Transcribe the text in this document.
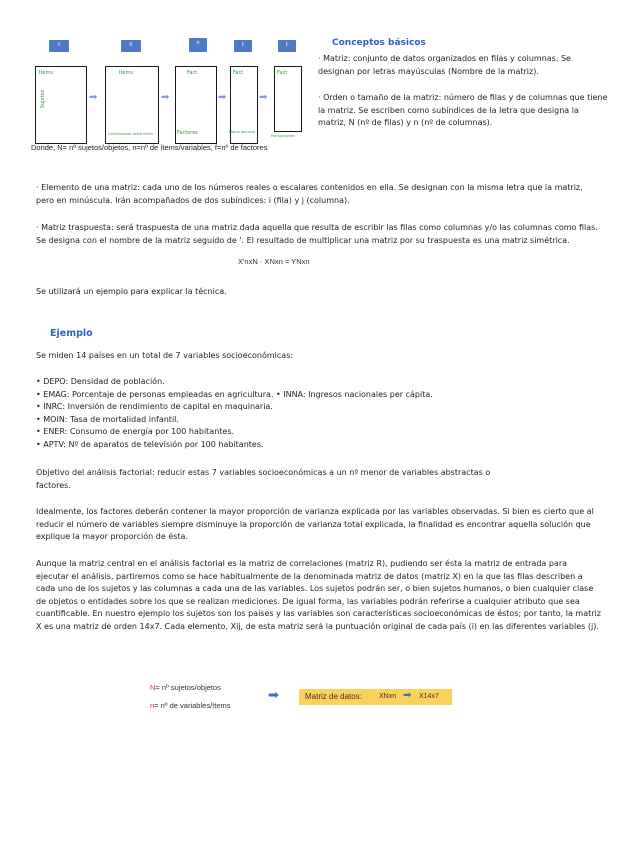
Y
Items
Sujetos	➡
R
Items
Correlaciones entre items
➡
A
Fact
Factores
➡
F
Fact
Matriz factorial
➡
F
Fact
Puntuaciones
Donde, N= nº sujetos/objetos, n=nº de ítems/variables, f=nº de factores
Conceptos básicos

· Matriz: conjunto de datos organizados en filas y columnas. Se designan por letras mayúsculas (Nombre de la matriz).

· Orden o tamaño de la matriz: número de filas y de columnas que tiene la matriz. Se escriben como subíndices de la letra que designa la matriz, N (nº de filas) y n (nº de columnas).

· Elemento de una matriz: cada uno de los números reales o escalares contenidos en ella. Se designan con la misma letra que la matriz, pero en minúscula. Irán acompañados de dos subíndices: i (fila) y j (columna).

· Matriz traspuesta: será traspuesta de una matriz dada aquella que resulta de escribir las filas como columnas y/o las columnas como filas. Se designa con el nombre de la matriz seguido de '. El resultado de multiplicar una matriz por su traspuesta es una matriz simétrica.

X'nxN · XNxn = YNxn

Se utilizará un ejemplo para explicar la técnica.

Ejemplo

Se miden 14 países en un total de 7 variables socioeconómicas:

• DEPO: Densidad de población.
• EMAG: Porcentaje de personas empleadas en agricultura. • INNA: Ingresos nacionales per cápita.
• INRC: Inversión de rendimiento de capital en maquinaria.
• MOIN: Tasa de mortalidad infantil.
• ENER: Consumo de energía por 100 habitantes.
• APTV: Nº de aparatos de televisión por 100 habitantes.

Objetivo del análisis factorial: reducir estas 7 variables socioeconómicas a un nº menor de variables abstractas o factores.

Idealmente, los factores deberán contener la mayor proporción de varianza explicada por las variables observadas. Si bien es cierto que al reducir el número de variables siempre disminuye la proporción de varianza total explicada, la finalidad es encontrar aquella solución que explique la mayor proporción de ésta.

Aunque la matriz central en el análisis factorial es la matriz de correlaciones (matriz R), pudiendo ser ésta la matriz de entrada para ejecutar el análisis, partiremos como se hace habitualmente de la denominada matriz de datos (matriz X) en la que las filas describen a cada uno de los sujetos y las columnas a cada una de las variables. Los sujetos podrán ser, o bien sujetos humanos, o bien cualquier clase de objetos o entidades sobre los que se realizan mediciones. De igual forma, las variables podrán referirse a cualquier atributo que sea cuantificable. En nuestro ejemplo los sujetos son los países y las variables son características socioeconómicas de éstos; por tanto, la matriz X es una matriz de orden 14x7. Cada elemento, Xij, de esta matriz será la puntuación original de cada país (i) en las diferentes variables (j).

N= nº sujetos/objetos
n= nº de variables/ítems
➡	Matriz de datos: XNxn ➡ X14x7
